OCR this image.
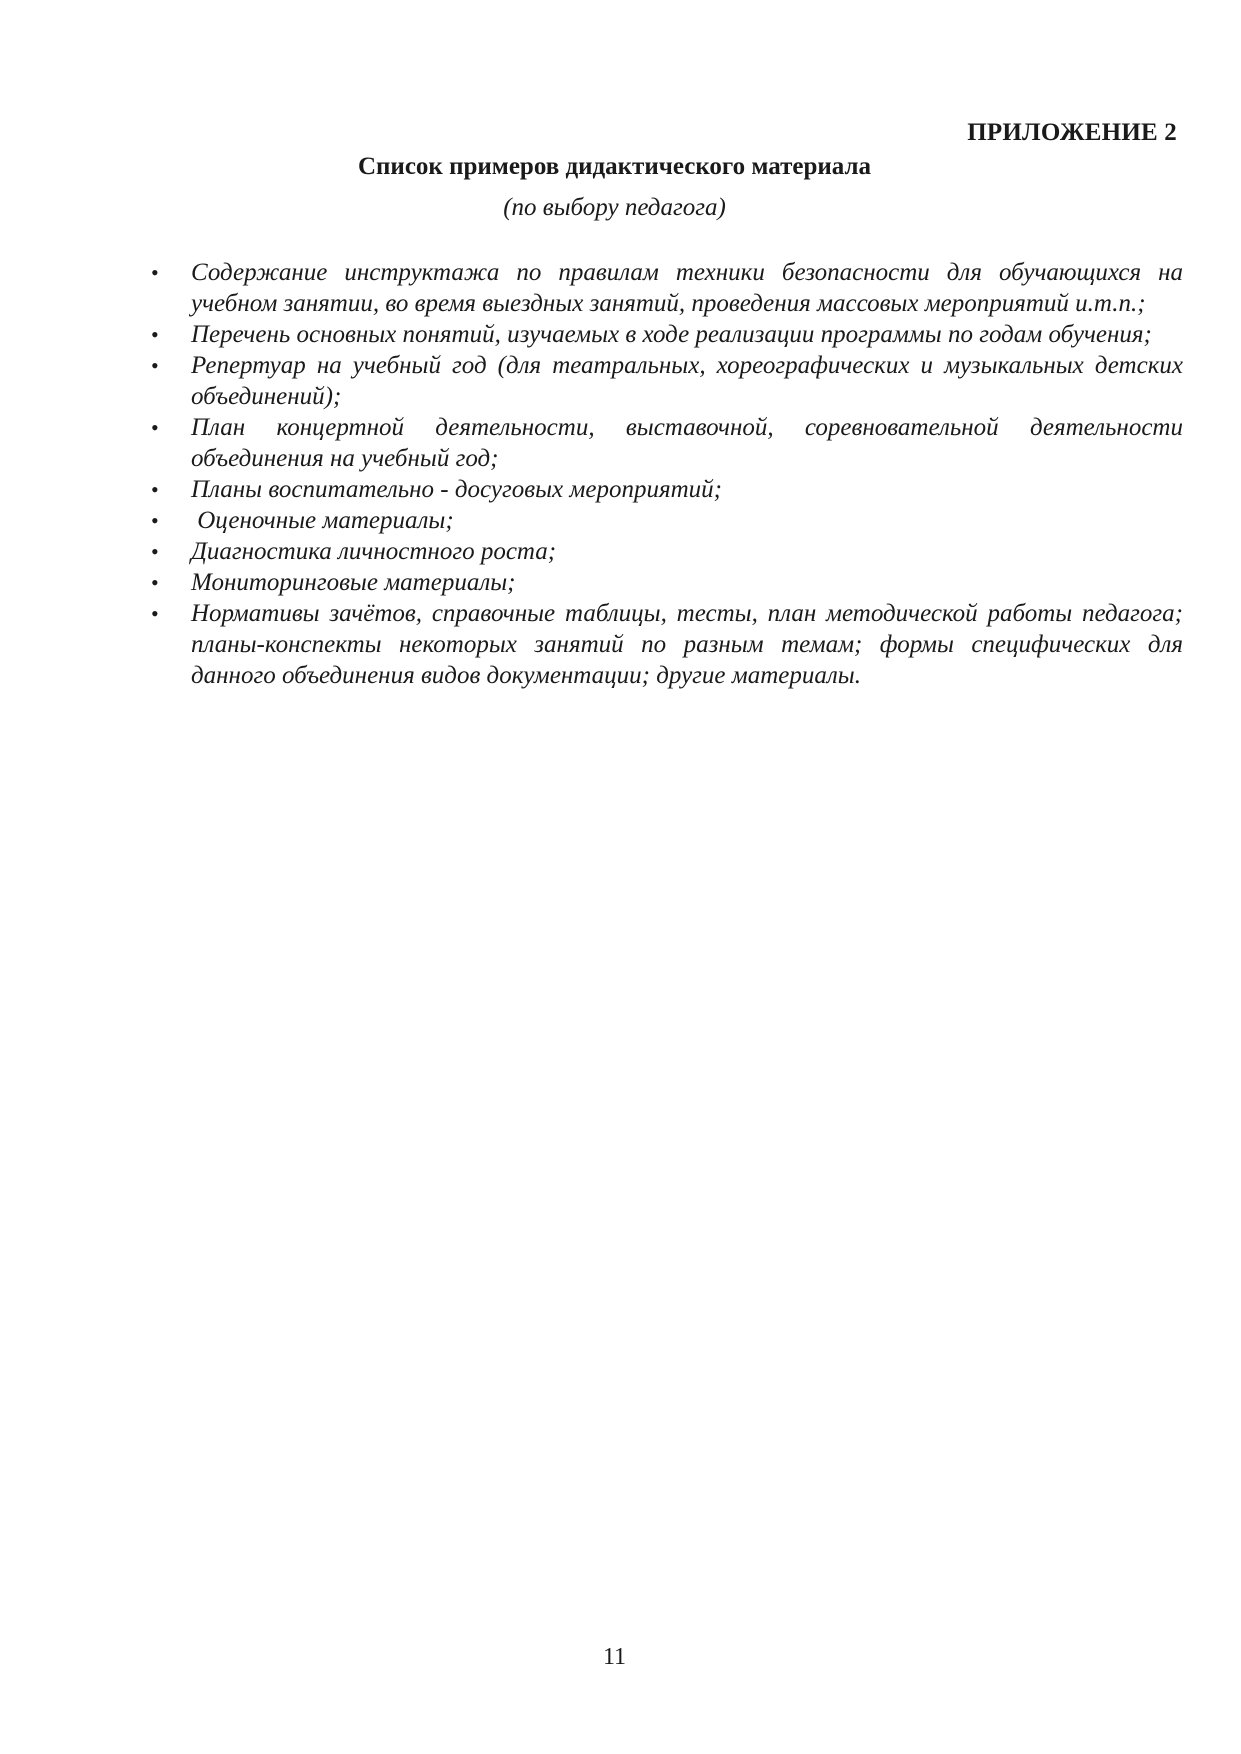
ПРИЛОЖЕНИЕ 2
Список примеров дидактического материала
(по выбору педагога)
• Содержание инструктажа по правилам техники безопасности для обучающихся на учебном занятии, во время выездных занятий, проведения массовых мероприятий и.т.п.;
• Перечень основных понятий, изучаемых в ходе реализации программы по годам обучения;
• Репертуар на учебный год (для театральных, хореографических и музыкальных детских объединений);
• План концертной деятельности, выставочной, соревновательной деятельности объединения на учебный год;
• Планы воспитательно - досуговых мероприятий;
• Оценочные материалы;
• Диагностика личностного роста;
• Мониторинговые материалы;
• Нормативы зачётов, справочные таблицы, тесты, план методической работы педагога; планы-конспекты некоторых занятий по разным темам; формы специфических для данного объединения видов документации; другие материалы.
11
